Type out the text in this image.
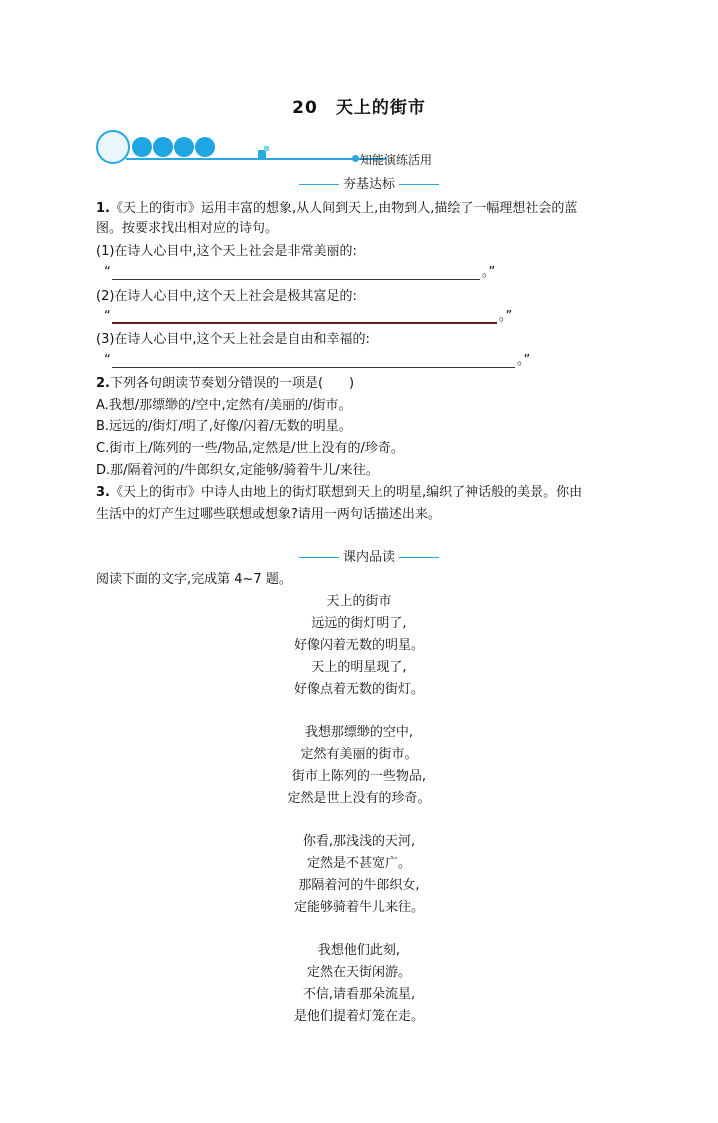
20　天上的街市
知能演练活用
夯基达标
1.《天上的街市》运用丰富的想象,从人间到天上,由物到人,描绘了一幅理想社会的蓝
图。按要求找出相对应的诗句。
(1)在诗人心目中,这个天上社会是非常美丽的:
“	。”
(2)在诗人心目中,这个天上社会是极其富足的:
“	。”
(3)在诗人心目中,这个天上社会是自由和幸福的:
“	。”
2.下列各句朗读节奏划分错误的一项是(　　)
A.我想/那缥缈的/空中,定然有/美丽的/街市。
B.远远的/街灯/明了,好像/闪着/无数的明星。
C.街市上/陈列的一些/物品,定然是/世上没有的/珍奇。
D.那/隔着河的/牛郎织女,定能够/骑着牛儿/来往。
3.《天上的街市》中诗人由地上的街灯联想到天上的明星,编织了神话般的美景。你由
生活中的灯产生过哪些联想或想象?请用一两句话描述出来。
课内品读
阅读下面的文字,完成第 4~7 题。
天上的街市
远远的街灯明了,
好像闪着无数的明星。
天上的明星现了,
好像点着无数的街灯。
我想那缥缈的空中,
定然有美丽的街市。
街市上陈列的一些物品,
定然是世上没有的珍奇。
你看,那浅浅的天河,
定然是不甚宽广。
那隔着河的牛郎织女,
定能够骑着牛儿来往。
我想他们此刻,
定然在天街闲游。
不信,请看那朵流星,
是他们提着灯笼在走。
